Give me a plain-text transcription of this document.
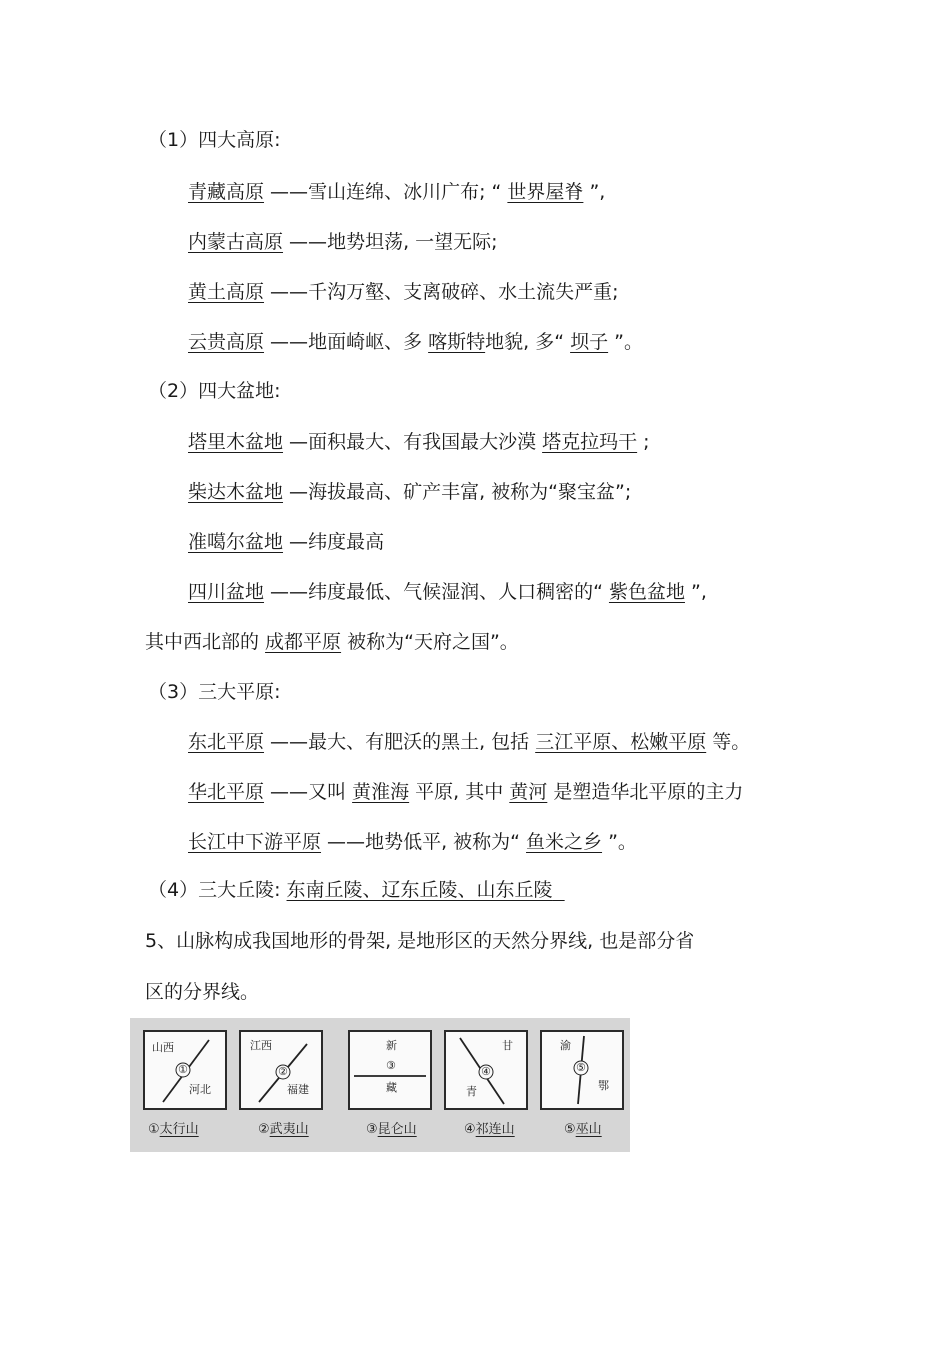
（1）四大高原:
青藏高原 ——雪山连绵、冰川广布; “ 世界屋脊 ”,
内蒙古高原 ——地势坦荡, 一望无际;
黄土高原 ——千沟万壑、支离破碎、水土流失严重;
云贵高原 ——地面崎岖、多 喀斯特地貌, 多“ 坝子 ”。
（2）四大盆地:
塔里木盆地 —面积最大、有我国最大沙漠 塔克拉玛干 ;
柴达木盆地 —海拔最高、矿产丰富, 被称为“聚宝盆”;
准噶尔盆地 —纬度最高
四川盆地 ——纬度最低、气候湿润、人口稠密的“ 紫色盆地 ”,
其中西北部的 成都平原 被称为“天府之国”。
（3）三大平原:
东北平原 ——最大、有肥沃的黑土, 包括 三江平原、松嫩平原 等。
华北平原 ——又叫 黄淮海 平原, 其中 黄河 是塑造华北平原的主力
长江中下游平原 ——地势低平, 被称为“ 鱼米之乡 ”。
（4）三大丘陵: 东南丘陵、辽东丘陵、山东丘陵
5、山脉构成我国地形的骨架, 是地形区的天然分界线, 也是部分省
区的分界线。
山西
①
河北
江西
②
福建
新
③
藏
甘
④
青
渝
⑤
鄂
①太行山	②武夷山	③昆仑山	④祁连山	⑤巫山
